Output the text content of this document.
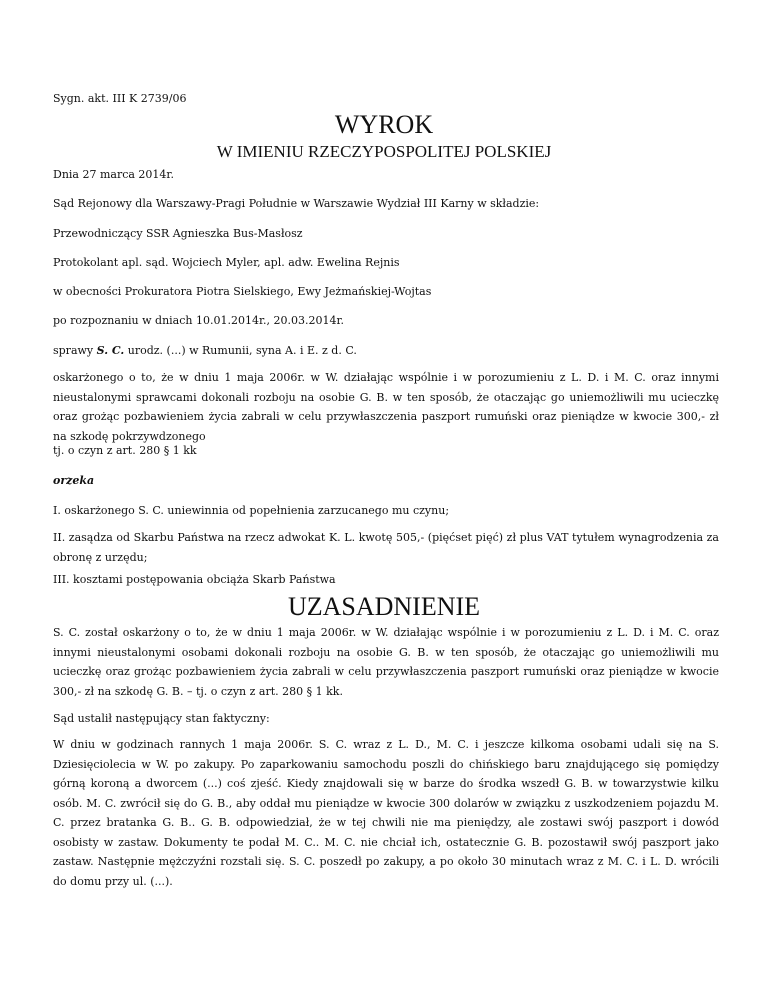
Sygn. akt. III K 2739/06
WYROK
W IMIENIU RZECZYPOSPOLITEJ POLSKIEJ
Dnia 27 marca 2014r.
Sąd Rejonowy dla Warszawy-Pragi Południe w Warszawie Wydział III Karny w składzie:
Przewodniczący SSR Agnieszka Bus-Masłosz
Protokolant apl. sąd. Wojciech Myler, apl. adw. Ewelina Rejnis
w obecności Prokuratora Piotra Sielskiego, Ewy Jeżmańskiej-Wojtas
po rozpoznaniu w dniach 10.01.2014r., 20.03.2014r.
sprawy S. C. urodz. (...) w Rumunii, syna A. i E. z d. C.
oskarżonego o to, że w dniu 1 maja 2006r. w W. działając wspólnie i w porozumieniu z L. D. i M. C. oraz innymi nieustalonymi sprawcami dokonali rozboju na osobie G. B. w ten sposób, że otaczając go uniemożliwili mu ucieczkę oraz grożąc pozbawieniem życia zabrali w celu przywłaszczenia paszport rumuński oraz pieniądze w kwocie 300,- zł na szkodę pokrzywdzonego
tj. o czyn z art. 280 § 1 kk
orzeka
I. oskarżonego S. C. uniewinnia od popełnienia zarzucanego mu czynu;
II. zasądza od Skarbu Państwa na rzecz adwokat K. L. kwotę 505,- (pięćset pięć) zł plus VAT tytułem wynagrodzenia za obronę z urzędu;
III. kosztami postępowania obciąża Skarb Państwa
UZASADNIENIE
S. C. został oskarżony o to, że w dniu 1 maja 2006r. w W. działając wspólnie i w porozumieniu z L. D. i M. C. oraz innymi nieustalonymi osobami dokonali rozboju na osobie G. B. w ten sposób, że otaczając go uniemożliwili mu ucieczkę oraz grożąc pozbawieniem życia zabrali w celu przywłaszczenia paszport rumuński oraz pieniądze w kwocie 300,- zł na szkodę G. B. – tj. o czyn z art. 280 § 1 kk.
Sąd ustalił następujący stan faktyczny:
W dniu w godzinach rannych 1 maja 2006r. S. C. wraz z L. D., M. C. i jeszcze kilkoma osobami udali się na S. Dziesięciolecia w W. po zakupy. Po zaparkowaniu samochodu poszli do chińskiego baru znajdującego się pomiędzy górną koroną a dworcem (...) coś zjeść. Kiedy znajdowali się w barze do środka wszedł G. B. w towarzystwie kilku osób. M. C. zwrócił się do G. B., aby oddał mu pieniądze w kwocie 300 dolarów w związku z uszkodzeniem pojazdu M. C. przez bratanka G. B.. G. B. odpowiedział, że w tej chwili nie ma pieniędzy, ale zostawi swój paszport i dowód osobisty w zastaw. Dokumenty te podał M. C.. M. C. nie chciał ich, ostatecznie G. B. pozostawił swój paszport jako zastaw. Następnie mężczyźni rozstali się. S. C. poszedł po zakupy, a po około 30 minutach wraz z M. C. i L. D. wrócili do domu przy ul. (...).
